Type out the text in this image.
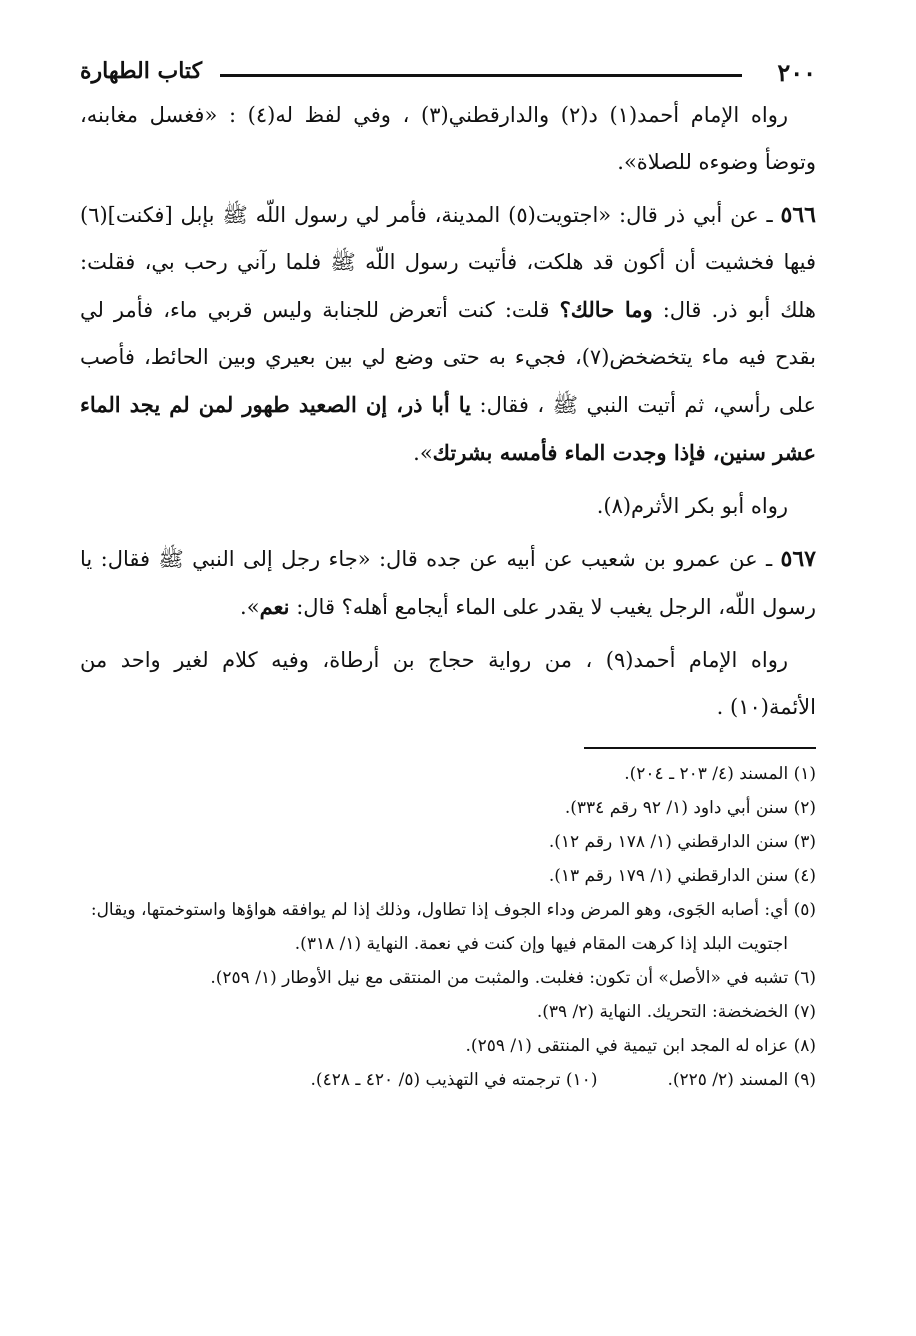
٢٠٠
كتاب الطهارة

رواه الإمام أحمد(١) د(٢) والدارقطني(٣) ، وفي لفظ له(٤) : «فغسل مغابنه، وتوضأ وضوءه للصلاة».

٥٦٦ ـ عن أبي ذر قال: «اجتويت(٥) المدينة، فأمر لي رسول اللّه ﷺ بإبل [فكنت](٦) فيها فخشيت أن أكون قد هلكت، فأتيت رسول اللّه ﷺ فلما رآني رحب بي، فقلت: هلك أبو ذر. قال: وما حالك؟ قلت: كنت أتعرض للجنابة وليس قربي ماء، فأمر لي بقدح فيه ماء يتخضخض(٧)، فجيء به حتى وضع لي بين بعيري وبين الحائط، فأصب على رأسي، ثم أتيت النبي ﷺ ، فقال: يا أبا ذر، إن الصعيد طهور لمن لم يجد الماء عشر سنين، فإذا وجدت الماء فأمسه بشرتك».

رواه أبو بكر الأثرم(٨).

٥٦٧ ـ عن عمرو بن شعيب عن أبيه عن جده قال: «جاء رجل إلى النبي ﷺ فقال: يا رسول اللّه، الرجل يغيب لا يقدر على الماء أيجامع أهله؟ قال: نعم».

رواه الإمام أحمد(٩) ، من رواية حجاج بن أرطاة، وفيه كلام لغير واحد من الأئمة(١٠) .

(١) المسند (٤/ ٢٠٣ ـ ٢٠٤).

(٢) سنن أبي داود (١/ ٩٢ رقم ٣٣٤).

(٣) سنن الدارقطني (١/ ١٧٨ رقم ١٢).

(٤) سنن الدارقطني (١/ ١٧٩ رقم ١٣).

(٥) أي: أصابه الجَوى، وهو المرض وداء الجوف إذا تطاول، وذلك إذا لم يوافقه هواؤها واستوخمتها، ويقال: اجتويت البلد إذا كرهت المقام فيها وإن كنت في نعمة. النهاية (١/ ٣١٨).

(٦) تشبه في «الأصل» أن تكون: فغلبت. والمثبت من المنتقى مع نيل الأوطار (١/ ٢٥٩).

(٧) الخضخضة: التحريك. النهاية (٢/ ٣٩).

(٨) عزاه له المجد ابن تيمية في المنتقى (١/ ٢٥٩).

(٩) المسند (٢/ ٢٢٥).
(١٠) ترجمته في التهذيب (٥/ ٤٢٠ ـ ٤٢٨).
